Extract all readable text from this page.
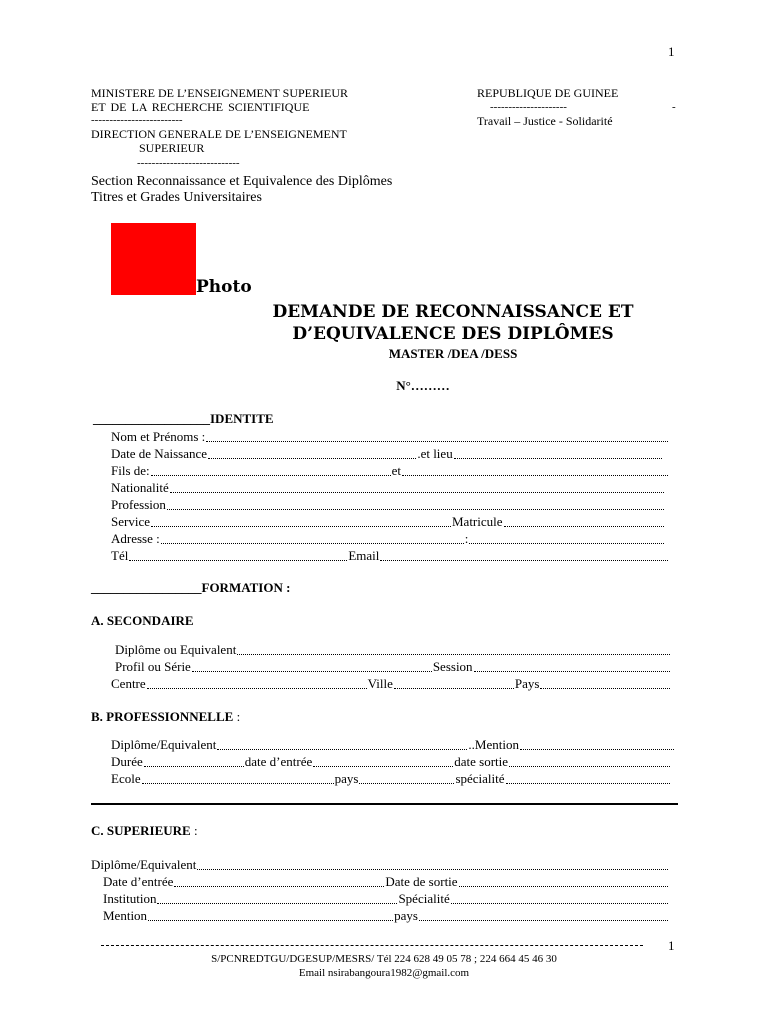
1
MINISTERE DE L’ENSEIGNEMENT SUPERIEUR
ET DE LA RECHERCHE SCIENTIFIQUE
-------------------------
DIRECTION GENERALE DE L’ENSEIGNEMENT
SUPERIEUR
----------------------------
Section Reconnaissance et Equivalence des Diplômes
Titres et Grades Universitaires
REPUBLIQUE DE GUINEE
---------------------	-
Travail – Justice - Solidarité
Photo
DEMANDE DE RECONNAISSANCE ET
D’EQUIVALENCE DES DIPLÔMES
MASTER /DEA /DESS
N°………
__________________IDENTITE
Nom et Prénoms :
Date de Naissance	.et lieu
Fils de:	et
Nationalité
Profession
Service	Matricule
Adresse :	:
Tél	Email
_________________FORMATION :
A. SECONDAIRE
Diplôme ou Equivalent
Profil ou Série	Session
Centre	Ville	Pays
B. PROFESSIONNELLE :
Diplôme/Equivalent	..Mention
Durée	date d’entrée	date sortie
Ecole	pays	spécialité
C. SUPERIEURE :
Diplôme/Equivalent
Date d’entrée	Date de sortie
Institution	Spécialité
Mention	pays
1
S/PCNREDTGU/DGESUP/MESRS/ Tél 224 628 49 05 78 ; 224 664 45 46 30
Email nsirabangoura1982@gmail.com
